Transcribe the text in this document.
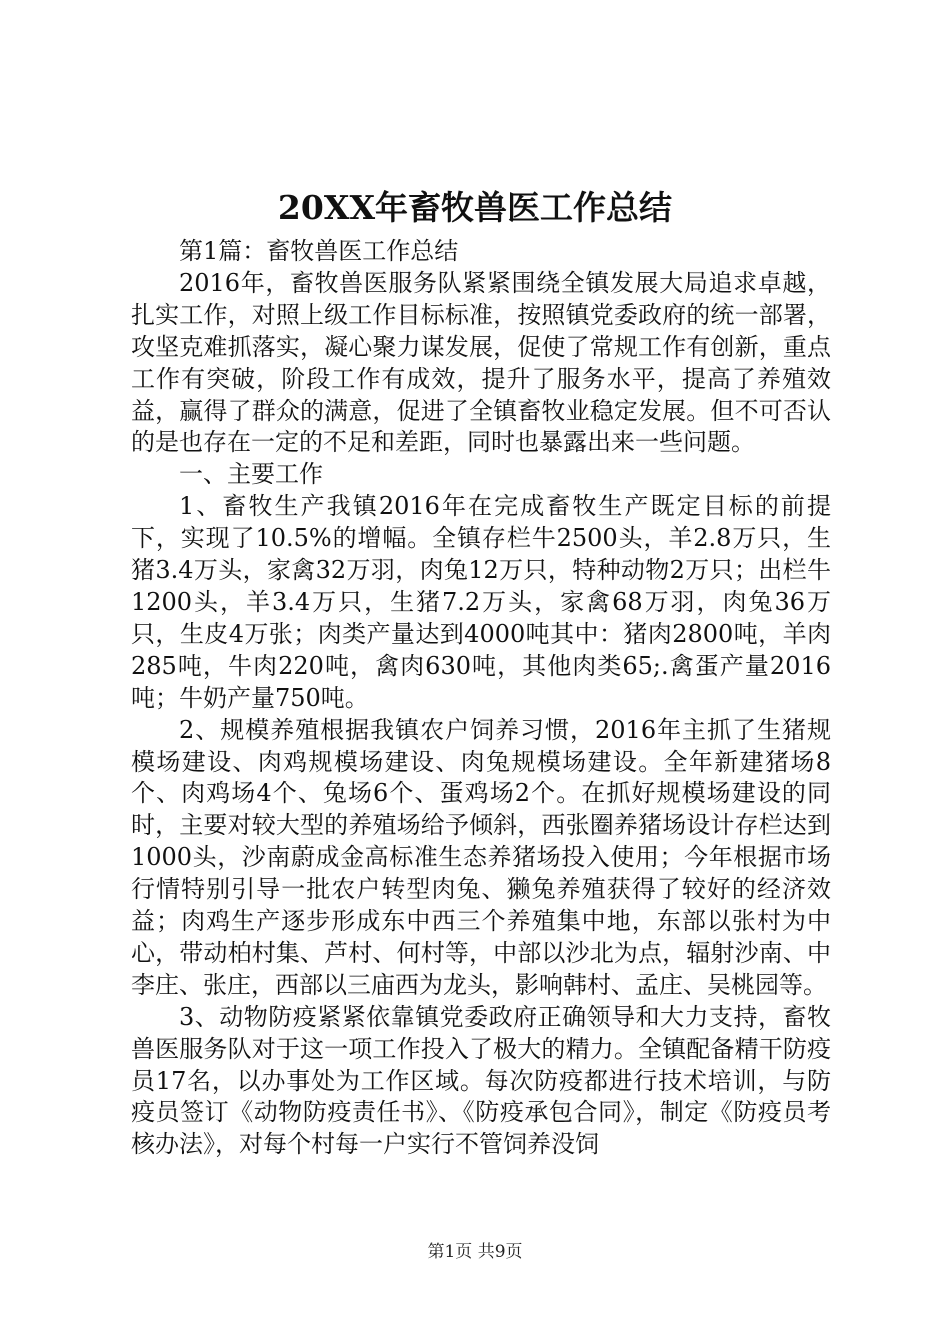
20XX年畜牧兽医工作总结

第1篇：畜牧兽医工作总结

2016年，畜牧兽医服务队紧紧围绕全镇发展大局追求卓越，扎实工作，对照上级工作目标标准，按照镇党委政府的统一部署，攻坚克难抓落实，凝心聚力谋发展，促使了常规工作有创新，重点工作有突破，阶段工作有成效，提升了服务水平，提高了养殖效益，赢得了群众的满意，促进了全镇畜牧业稳定发展。但不可否认的是也存在一定的不足和差距，同时也暴露出来一些问题。

一、主要工作

1、畜牧生产我镇2016年在完成畜牧生产既定目标的前提下，实现了10.5%的增幅。全镇存栏牛2500头，羊2.8万只，生猪3.4万头，家禽32万羽，肉兔12万只，特种动物2万只；出栏牛1200头，羊3.4万只，生猪7.2万头，家禽68万羽，肉兔36万只，生皮4万张；肉类产量达到4000吨其中：猪肉2800吨，羊肉285吨，牛肉220吨，禽肉630吨，其他肉类65;.禽蛋产量2016吨；牛奶产量750吨。

2、规模养殖根据我镇农户饲养习惯，2016年主抓了生猪规模场建设、肉鸡规模场建设、肉兔规模场建设。全年新建猪场8个、肉鸡场4个、兔场6个、蛋鸡场2个。在抓好规模场建设的同时，主要对较大型的养殖场给予倾斜，西张圈养猪场设计存栏达到1000头，沙南蔚成金高标准生态养猪场投入使用；今年根据市场行情特别引导一批农户转型肉兔、獭兔养殖获得了较好的经济效益；肉鸡生产逐步形成东中西三个养殖集中地，东部以张村为中心，带动柏村集、芦村、何村等，中部以沙北为点，辐射沙南、中李庄、张庄，西部以三庙西为龙头，影响韩村、孟庄、吴桃园等。

3、动物防疫紧紧依靠镇党委政府正确领导和大力支持，畜牧兽医服务队对于这一项工作投入了极大的精力。全镇配备精干防疫员17名，以办事处为工作区域。每次防疫都进行技术培训，与防疫员签订《动物防疫责任书》、《防疫承包合同》，制定《防疫员考核办法》，对每个村每一户实行不管饲养没饲

第1页 共9页
